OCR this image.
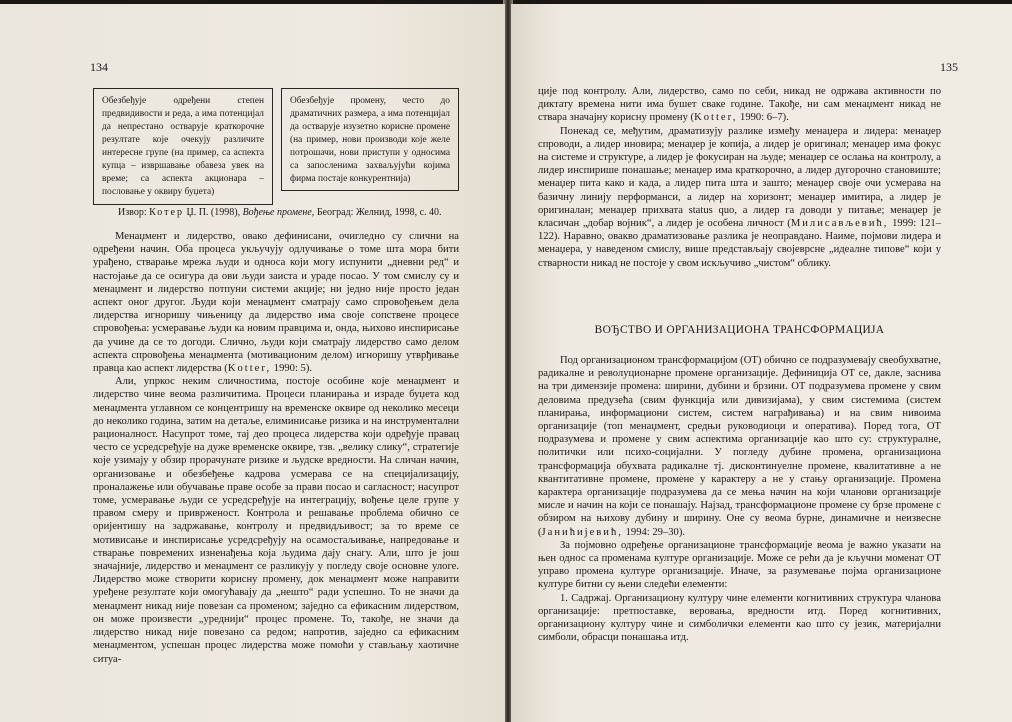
134
Обезбеђује одређени степен предвидивости и реда, а има потенцијал да непрестано остварује краткорочне резултате које очекују различите интересне групе (на пример, са аспекта купца – извршавање обавеза увек на време; са аспекта акционара – пословање у оквиру буџета)
Обезбеђује промену, често до драматичних размера, а има потенцијал да остварује изузетно корисне промене (на пример, нови производи које желе потрошачи, нови приступи у односима са запосленима захваљујући којима фирма постаје конкурентнија)
Извор: Котер Џ. П. (1998), Вођење промене, Београд: Желнид, 1998, с. 40.

Менаџмент и лидерство, овако дефинисани, очигледно су слични на одређени начин. Оба процеса укључују одлучивање о томе шта мора бити урађено, стварање мрежа људи и односа који могу испунити „дневни ред“ и настојање да се осигура да ови људи заиста и ураде посао. У том смислу су и менаџмент и лидерство потпуни системи акције; ни једно није просто један аспект оног другог. Људи који менаџмент сматрају само спровођењем дела лидерства игноришу чињеницу да лидерство има своје сопствене процесе спровођења: усмеравање људи ка новим правцима и, онда, њихово инспирисање да учине да се то догоди. Слично, људи који сматрају лидерство само делом аспекта спровођења менаџмента (мотивационим делом) игноришу утврђивање правца као аспект лидерства (Kotter, 1990: 5).

Али, упркос неким сличностима, постоје особине које менаџмент и лидерство чине веома различитима. Процеси планирања и израде буџета код менаџмента углавном се концентришу на временске оквире од неколико месеци до неколико година, затим на детаље, елиминисање ризика и на инструментални рационалност. Насупрот томе, тај део процеса лидерства који одређује правац често се усредсређује на дуже временске оквире, тзв. „велику слику“, стратегије које узимају у обзир прорачунате ризике и људске вредности. На сличан начин, организовање и обезбеђење кадрова усмерава се на специјализацију, проналажење или обучавање праве особе за прави посао и сагласност; насупрот томе, усмеравање људи се усредсређује на интеграцију, вођење целе групе у правом смеру и привржeност. Контрола и решавање проблема обично се оријентишу на задржавање, контролу и предвидљивост; за то време се мотивисање и инспирисање усредсређују на осамостаљивање, напредовање и стварање повремених изненађења која људима дају снагу. Али, што је још значајније, лидерство и менаџмент се разликују у погледу своје основне улоге. Лидерство може створити корисну промену, док менаџмент може направити уређене резултате који омогућавају да „нешто“ ради успешно. То не значи да менаџмент никад није повезан са променом; заједно са ефикасним лидерством, он може произвести „уреднији“ процес промене. То, такође, не значи да лидерство никад није повезано са редом; напротив, заједно са ефикасним менаџментом, успешан процес лидерства може помоћи у стављању хаотичне ситуа-

135

ције под контролу. Али, лидерство, само по себи, никад не одржава активности по диктату времена нити има бушет сваке године. Такође, ни сам менаџмент никад не ствара значајну корисну промену (Kotter, 1990: 6–7).

Понекад се, међутим, драматизују разлике између менаџера и лидера: менаџер спроводи, а лидер иновира; менаџер је копија, а лидер је оригинал; менаџер има фокус на системе и структуре, а лидер је фокусиран на људе; менаџер се ослања на контролу, а лидер инспирише понашање; менаџер има краткорочно, а лидер дугорочно становиште; менаџер пита како и када, а лидер пита шта и зашто; менаџер своје очи усмерава на базичну линију перформанси, а лидер на хоризонт; менаџер имитира, а лидер је оригиналан; менаџер прихвата status quo, а лидер га доводи у питање; менаџер је класичан „добар војник“, а лидер је особена личност (Милисављевић, 1999: 121–122). Наравно, овакво драматизовање разлика је неоправдано. Наиме, појмови лидера и менаџера, у наведеном смислу, више представљају својеврсне „идеалне типове“ који у стварности никад не постоје у свом искључиво „чистом“ облику.

ВОЂСТВО И ОРГАНИЗАЦИОНА ТРАНСФОРМАЦИЈА

Под организационом трансформацијом (ОТ) обично се подразумевају свеобухватне, радикалне и револуционарне промене организације. Дефиниција ОТ се, дакле, заснива на три димензије промена: ширини, дубини и брзини. ОТ подразумева промене у свим деловима предузећа (свим функција или дивизијама), у свим системима (систем планирања, информациони систем, систем награђивања) и на свим нивоима организације (топ менаџмент, средњи руководиоци и оперативa). Поред тога, ОТ подразумева и промене у свим аспектима организације као што су: структуралне, политички или психо-социјални. У погледу дубине промена, организациона трансформација обухвата радикалне тј. дисконтинуелне промене, квалитативне а не квантитативне промене, промене у карактеру а не у стању организације. Промена карактера организације подразумева да се мења начин на који чланови организације мисле и начин на који се понашају. Најзад, трансформационе промене су брзе промене с обзиром на њихову дубину и ширину. Оне су веома бурне, динамичне и неизвесне (Јанићијевић, 1994: 29–30).

За појмовно одређење организационе трансформације веома је важно указати на њен однос са променама културе организације. Може се рећи да је кључни моменат ОТ управо промена културе организације. Иначе, за разумевање појма организационе културе битни су њени следећи елементи:

1. Садржај. Организациону културу чине елементи когнитивних структура чланова организације: претпоставке, веровања, вредности итд. Поред когнитивних, организациону културу чине и симболички елементи као што су језик, материјални симболи, обрасци понашања итд.
